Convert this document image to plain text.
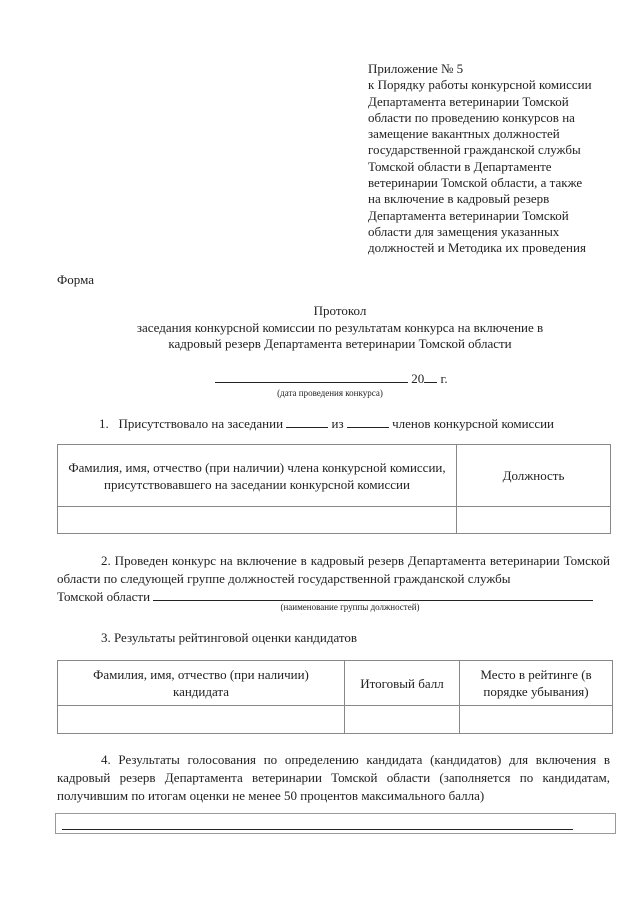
Приложение № 5
к Порядку работы конкурсной комиссии
Департамента ветеринарии Томской
области по проведению конкурсов на
замещение вакантных должностей
государственной гражданской службы
Томской области в Департаменте
ветеринарии Томской области, а также
на включение в кадровый резерв
Департамента ветеринарии Томской
области для замещения указанных
должностей и Методика их проведения
Форма
Протокол
заседания конкурсной комиссии по результатам конкурса на включение в
кадровый резерв Департамента ветеринарии Томской области
20 г.
(дата проведения конкурса)
1. Присутствовало на заседании	из	членов конкурсной комиссии
Фамилия, имя, отчество (при наличии) члена конкурсной комиссии, присутствовавшего на заседании конкурсной комиссии	Должность

2. Проведен конкурс на включение в кадровый резерв Департамента ветеринарии Томской области по следующей группе должностей государственной гражданской службы
Томской области
(наименование группы должностей)
3. Результаты рейтинговой оценки кандидатов
Фамилия, имя, отчество (при наличии) кандидата	Итоговый балл	Место в рейтинге (в порядке убывания)

4. Результаты голосования по определению кандидата (кандидатов) для включения в кадровый резерв Департамента ветеринарии Томской области (заполняется по кандидатам, получившим по итогам оценки не менее 50 процентов максимального балла)
